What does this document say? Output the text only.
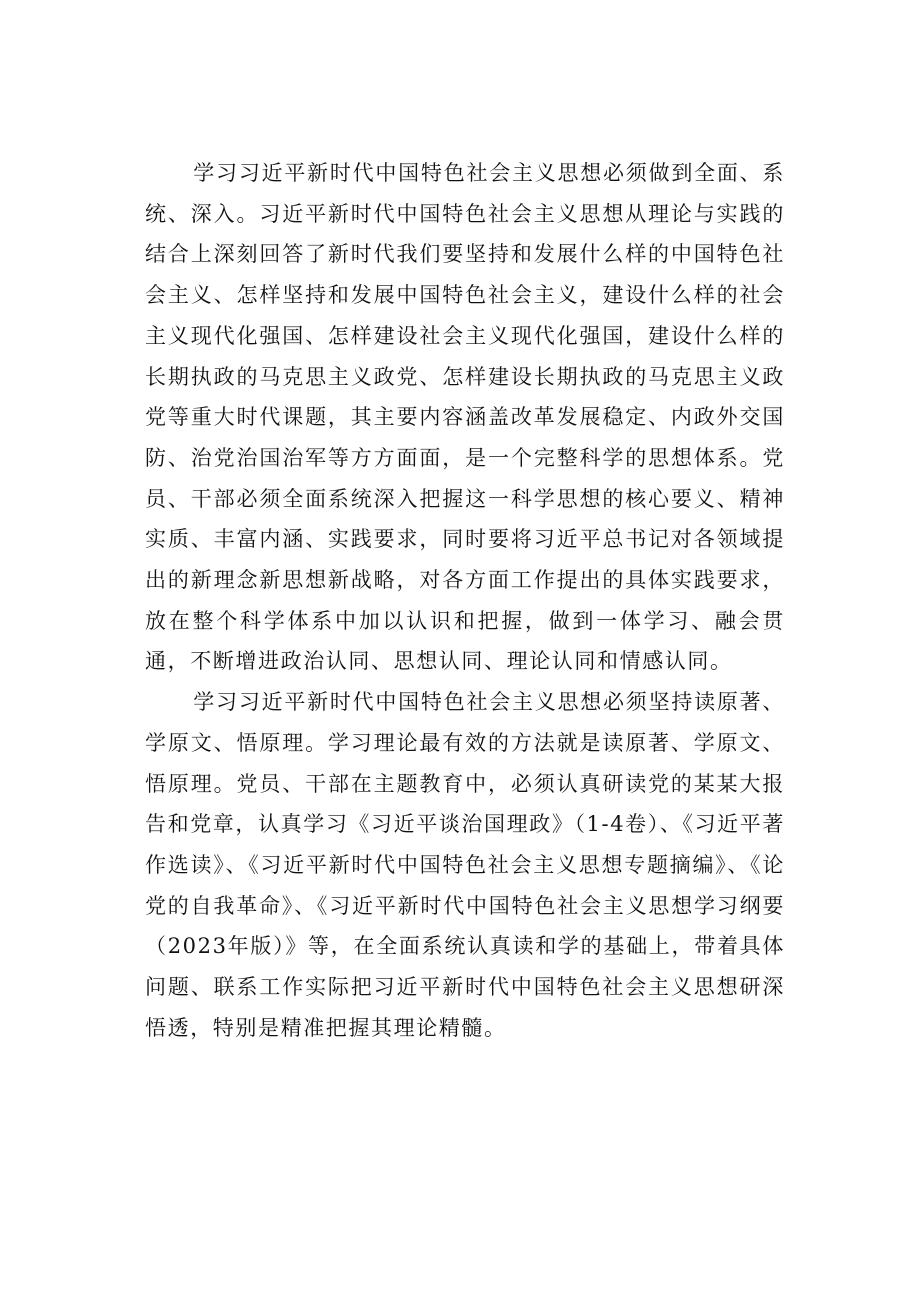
学习习近平新时代中国特色社会主义思想必须做到全面、系统、深入。习近平新时代中国特色社会主义思想从理论与实践的结合上深刻回答了新时代我们要坚持和发展什么样的中国特色社会主义、怎样坚持和发展中国特色社会主义，建设什么样的社会主义现代化强国、怎样建设社会主义现代化强国，建设什么样的长期执政的马克思主义政党、怎样建设长期执政的马克思主义政党等重大时代课题，其主要内容涵盖改革发展稳定、内政外交国防、治党治国治军等方方面面，是一个完整科学的思想体系。党员、干部必须全面系统深入把握这一科学思想的核心要义、精神实质、丰富内涵、实践要求，同时要将习近平总书记对各领域提出的新理念新思想新战略，对各方面工作提出的具体实践要求，放在整个科学体系中加以认识和把握，做到一体学习、融会贯通，不断增进政治认同、思想认同、理论认同和情感认同。

学习习近平新时代中国特色社会主义思想必须坚持读原著、学原文、悟原理。学习理论最有效的方法就是读原著、学原文、悟原理。党员、干部在主题教育中，必须认真研读党的某某大报告和党章，认真学习《习近平谈治国理政》（1-4卷）、《习近平著作选读》、《习近平新时代中国特色社会主义思想专题摘编》、《论党的自我革命》、《习近平新时代中国特色社会主义思想学习纲要（2023年版）》等，在全面系统认真读和学的基础上，带着具体问题、联系工作实际把习近平新时代中国特色社会主义思想研深悟透，特别是精准把握其理论精髓。
